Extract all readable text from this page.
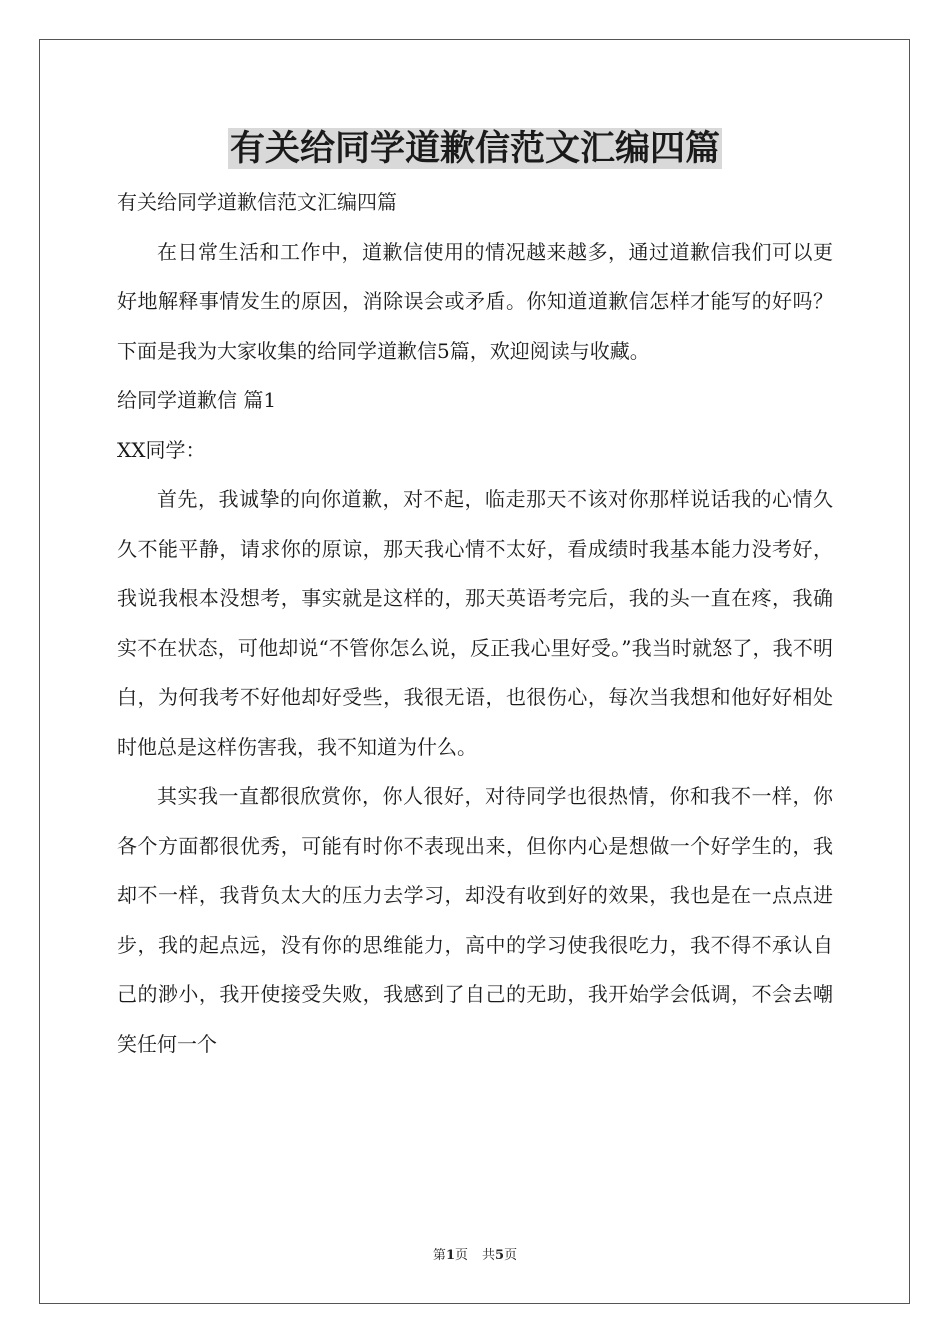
有关给同学道歉信范文汇编四篇

有关给同学道歉信范文汇编四篇

在日常生活和工作中，道歉信使用的情况越来越多，通过道歉信我们可以更好地解释事情发生的原因，消除误会或矛盾。你知道道歉信怎样才能写的好吗？下面是我为大家收集的给同学道歉信5篇，欢迎阅读与收藏。

给同学道歉信 篇1

XX同学：

首先，我诚挚的向你道歉，对不起，临走那天不该对你那样说话我的心情久久不能平静，请求你的原谅，那天我心情不太好，看成绩时我基本能力没考好，我说我根本没想考，事实就是这样的，那天英语考完后，我的头一直在疼，我确实不在状态，可他却说“不管你怎么说，反正我心里好受。”我当时就怒了，我不明白，为何我考不好他却好受些，我很无语，也很伤心，每次当我想和他好好相处时他总是这样伤害我，我不知道为什么。

其实我一直都很欣赏你，你人很好，对待同学也很热情，你和我不一样，你各个方面都很优秀，可能有时你不表现出来，但你内心是想做一个好学生的，我却不一样，我背负太大的压力去学习，却没有收到好的效果，我也是在一点点进步，我的起点远，没有你的思维能力，高中的学习使我很吃力，我不得不承认自己的渺小，我开使接受失败，我感到了自己的无助，我开始学会低调，不会去嘲笑任何一个

第1页 共5页
